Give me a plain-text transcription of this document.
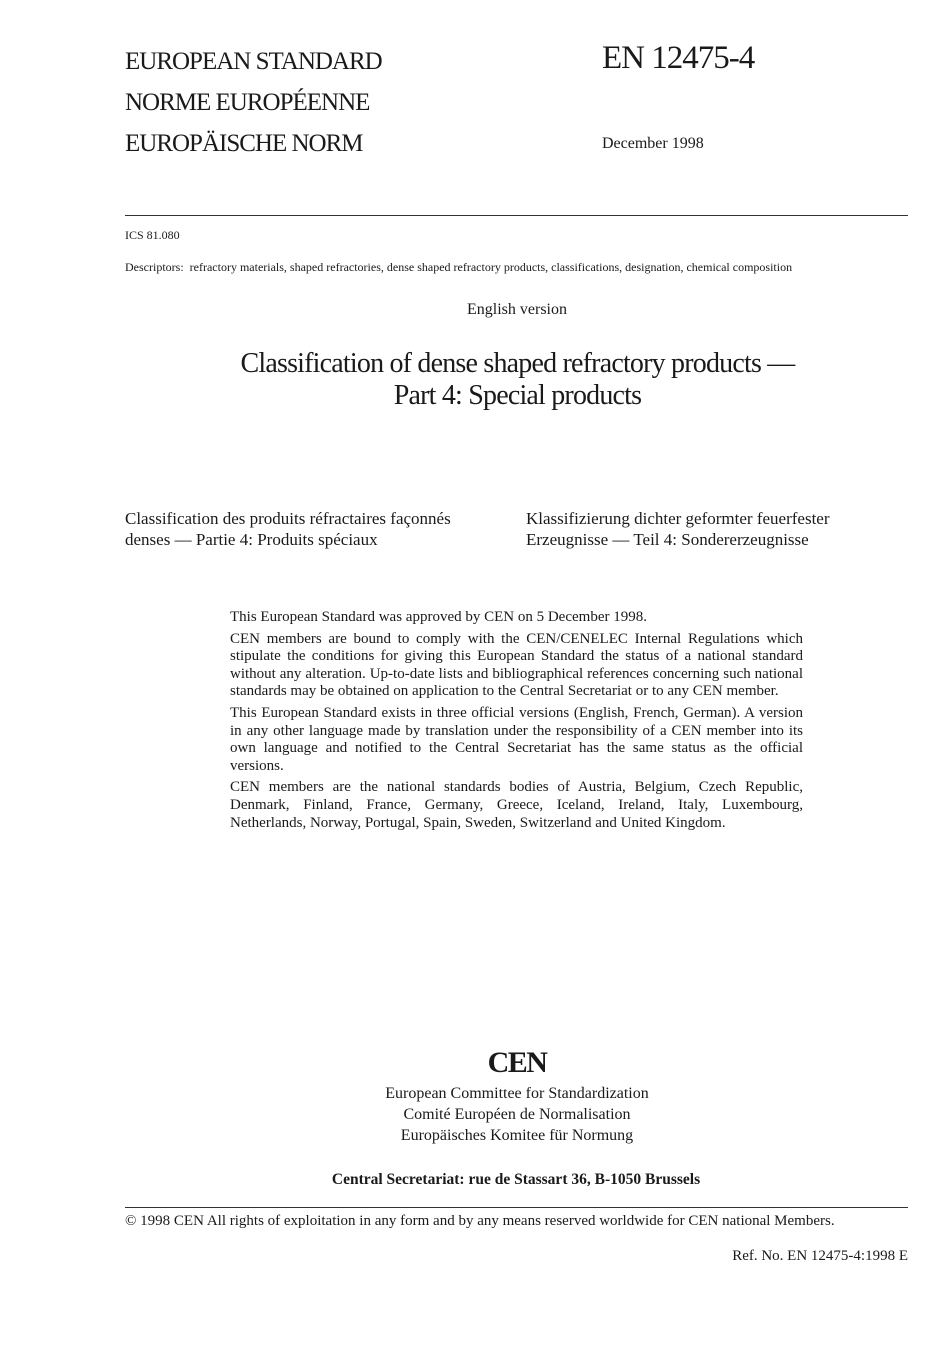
EUROPEAN STANDARD
NORME EUROPÉENNE
EUROPÄISCHE NORM
EN 12475-4
December 1998
ICS 81.080
Descriptors: refractory materials, shaped refractories, dense shaped refractory products, classifications, designation, chemical composition
English version
Classification of dense shaped refractory products —
Part 4: Special products
Classification des produits réfractaires façonnés
denses — Partie 4: Produits spéciaux
Klassifizierung dichter geformter feuerfester
Erzeugnisse — Teil 4: Sondererzeugnisse

This European Standard was approved by CEN on 5 December 1998.

CEN members are bound to comply with the CEN/CENELEC Internal Regulations which stipulate the conditions for giving this European Standard the status of a national standard without any alteration. Up-to-date lists and bibliographical references concerning such national standards may be obtained on application to the Central Secretariat or to any CEN member.

This European Standard exists in three official versions (English, French, German). A version in any other language made by translation under the responsibility of a CEN member into its own language and notified to the Central Secretariat has the same status as the official versions.

CEN members are the national standards bodies of Austria, Belgium, Czech Republic, Denmark, Finland, France, Germany, Greece, Iceland, Ireland, Italy, Luxembourg, Netherlands, Norway, Portugal, Spain, Sweden, Switzerland and United Kingdom.

CEN
European Committee for Standardization
Comité Européen de Normalisation
Europäisches Komitee für Normung
Central Secretariat: rue de Stassart 36, B-1050 Brussels
© 1998 CEN All rights of exploitation in any form and by any means reserved worldwide for CEN national Members.
Ref. No. EN 12475-4:1998 E
